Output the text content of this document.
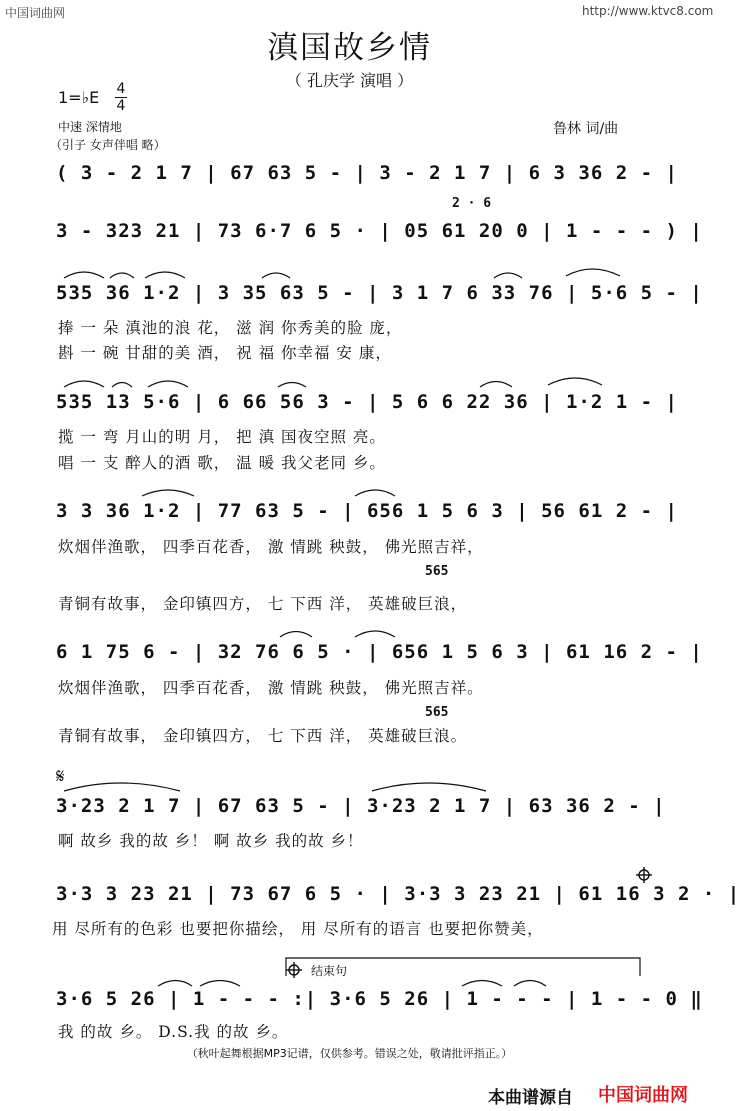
中国词曲网	http://www.ktvc8.com
滇国故乡情
（ 孔庆学 演唱 ）
1=♭E 4
4
中速 深情地
（引子 女声伴唱 略）
鲁林 词/曲
( 3 - 2 1 7 | 67 63 5 - | 3 - 2 1 7 | 6 3 36 2 - |
2 · 6
3 - 323 21 | 73 6·7 6 5 · | 05 61 20 0 | 1 - - - ) |
535 36 1·2 | 3 35 63 5 - | 3 1 7 6 33 76 | 5·6 5 - |
捧 一 朵 滇池的浪 花， 滋 润 你秀美的脸 庞，
斟 一 碗 甘甜的美 酒， 祝 福 你幸福 安 康，
535 13 5·6 | 6 66 56 3 - | 5 6 6 22 36 | 1·2 1 - |
揽 一 弯 月山的明 月， 把 滇 国夜空照 亮。
唱 一 支 醉人的酒 歌， 温 暖 我父老同 乡。
3 3 36 1·2 | 77 63 5 - | 656 1 5 6 3 | 56 61 2 - |
炊烟伴渔歌， 四季百花香， 激 情跳 秧鼓， 佛光照吉祥，
565
青铜有故事， 金印镇四方， 七 下西 洋， 英雄破巨浪，
6 1 75 6 - | 32 76 6 5 · | 656 1 5 6 3 | 61 16 2 - |
炊烟伴渔歌， 四季百花香， 激 情跳 秧鼓， 佛光照吉祥。
565
青铜有故事， 金印镇四方， 七 下西 洋， 英雄破巨浪。
𝄋
3·23 2 1 7 | 67 63 5 - | 3·23 2 1 7 | 63 36 2 - |
啊 故乡 我的故 乡！ 啊 故乡 我的故 乡！
3·3 3 23 21 | 73 67 6 5 · | 3·3 3 23 21 | 61 16 3 2 · |
用 尽所有的色彩 也要把你描绘， 用 尽所有的语言 也要把你赞美，
结束句
3·6 5 26 | 1 - - - :| 3·6 5 26 | 1 - - - | 1 - - 0 ‖
我 的故 乡。 D.S.我 的故 乡。
（秋叶起舞根据MP3记谱，仅供参考。错误之处，敬请批评指正。）
本曲谱源自 中国词曲网
